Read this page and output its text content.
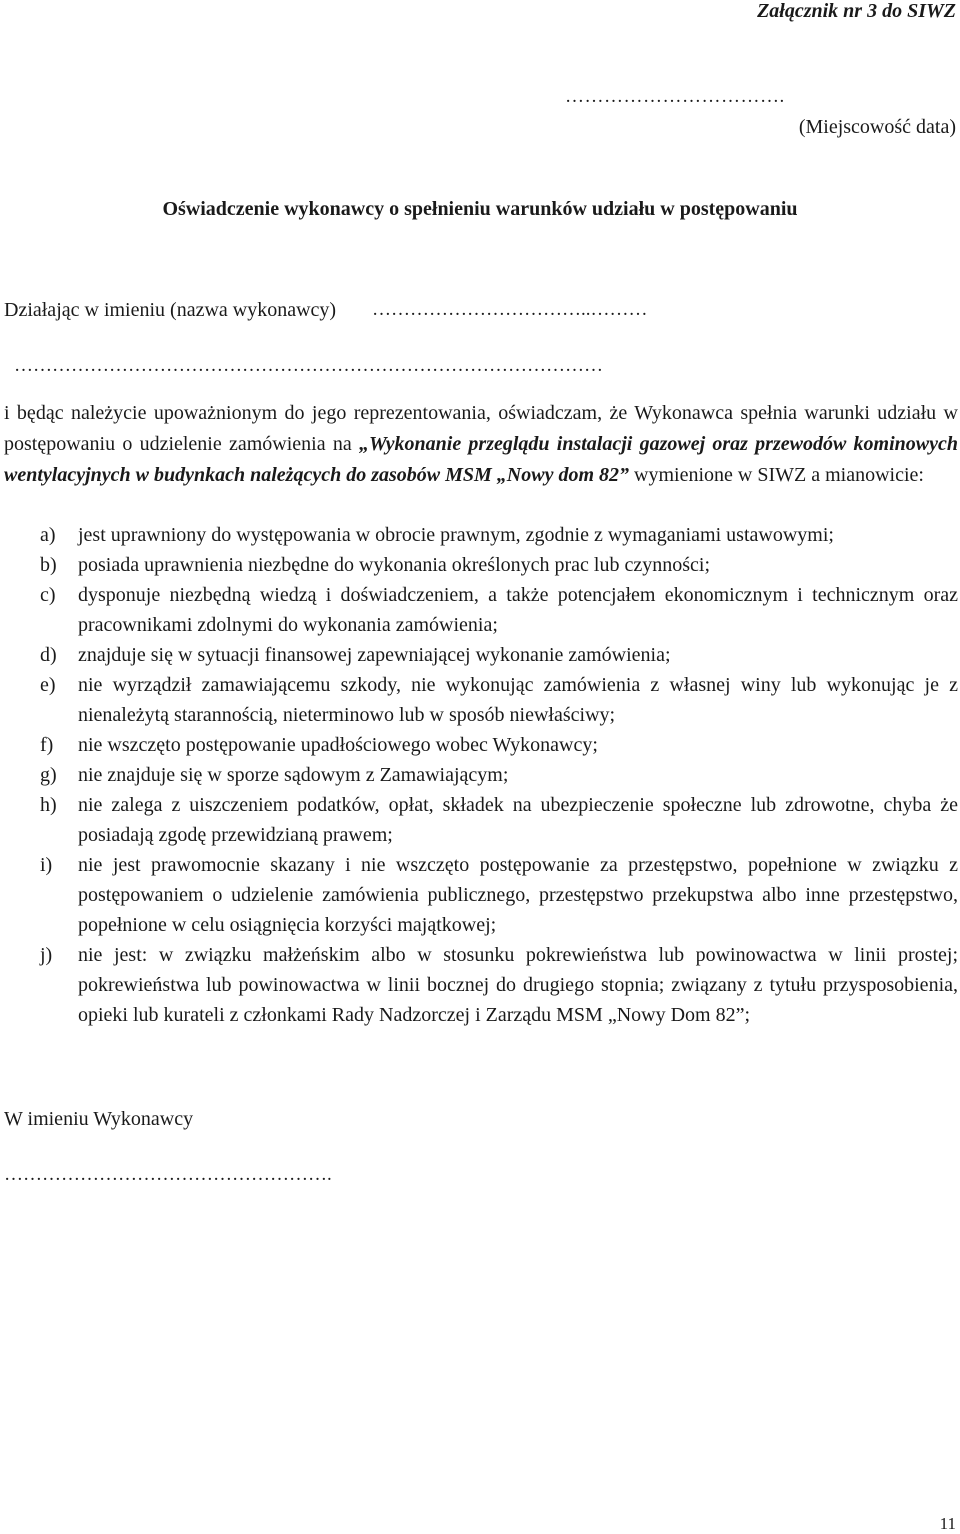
Załącznik nr 3 do SIWZ
…………………………….
(Miejscowość data)
Oświadczenie wykonawcy o spełnieniu warunków udziału w postępowaniu
Działając w imieniu (nazwa wykonawcy) ……………………………..………
…………………………………………………………………………………

i będąc należycie upoważnionym do jego reprezentowania, oświadczam, że Wykonawca spełnia warunki udziału w postępowaniu o udzielenie zamówienia na „Wykonanie przeglądu instalacji gazowej oraz przewodów kominowych wentylacyjnych w budynkach należących do zasobów MSM „Nowy dom 82” wymienione w SIWZ a mianowicie:

a)	jest uprawniony do występowania w obrocie prawnym, zgodnie z wymaganiami ustawowymi;
b)	posiada uprawnienia niezbędne do wykonania określonych prac lub czynności;
c)	dysponuje niezbędną wiedzą i doświadczeniem, a także potencjałem ekonomicznym i technicznym oraz pracownikami zdolnymi do wykonania zamówienia;
d)	znajduje się w sytuacji finansowej zapewniającej wykonanie zamówienia;
e)	nie wyrządził zamawiającemu szkody, nie wykonując zamówienia z własnej winy lub wykonując je z nienależytą starannością, nieterminowo lub w sposób niewłaściwy;
f)	nie wszczęto postępowanie upadłościowego wobec Wykonawcy;
g)	nie znajduje się w sporze sądowym z Zamawiającym;
h)	nie zalega z uiszczeniem podatków, opłat, składek na ubezpieczenie społeczne lub zdrowotne, chyba że posiadają zgodę przewidzianą prawem;
i)	nie jest prawomocnie skazany i nie wszczęto postępowanie za przestępstwo, popełnione w związku z postępowaniem o udzielenie zamówienia publicznego, przestępstwo przekupstwa albo inne przestępstwo, popełnione w celu osiągnięcia korzyści majątkowej;
j)	nie jest: w związku małżeńskim albo w stosunku pokrewieństwa lub powinowactwa w linii prostej; pokrewieństwa lub powinowactwa w linii bocznej do drugiego stopnia; związany z tytułu przysposobienia, opieki lub kurateli z członkami Rady Nadzorczej i Zarządu MSM „Nowy Dom 82”;
W imieniu Wykonawcy
…………………………………………….
11
